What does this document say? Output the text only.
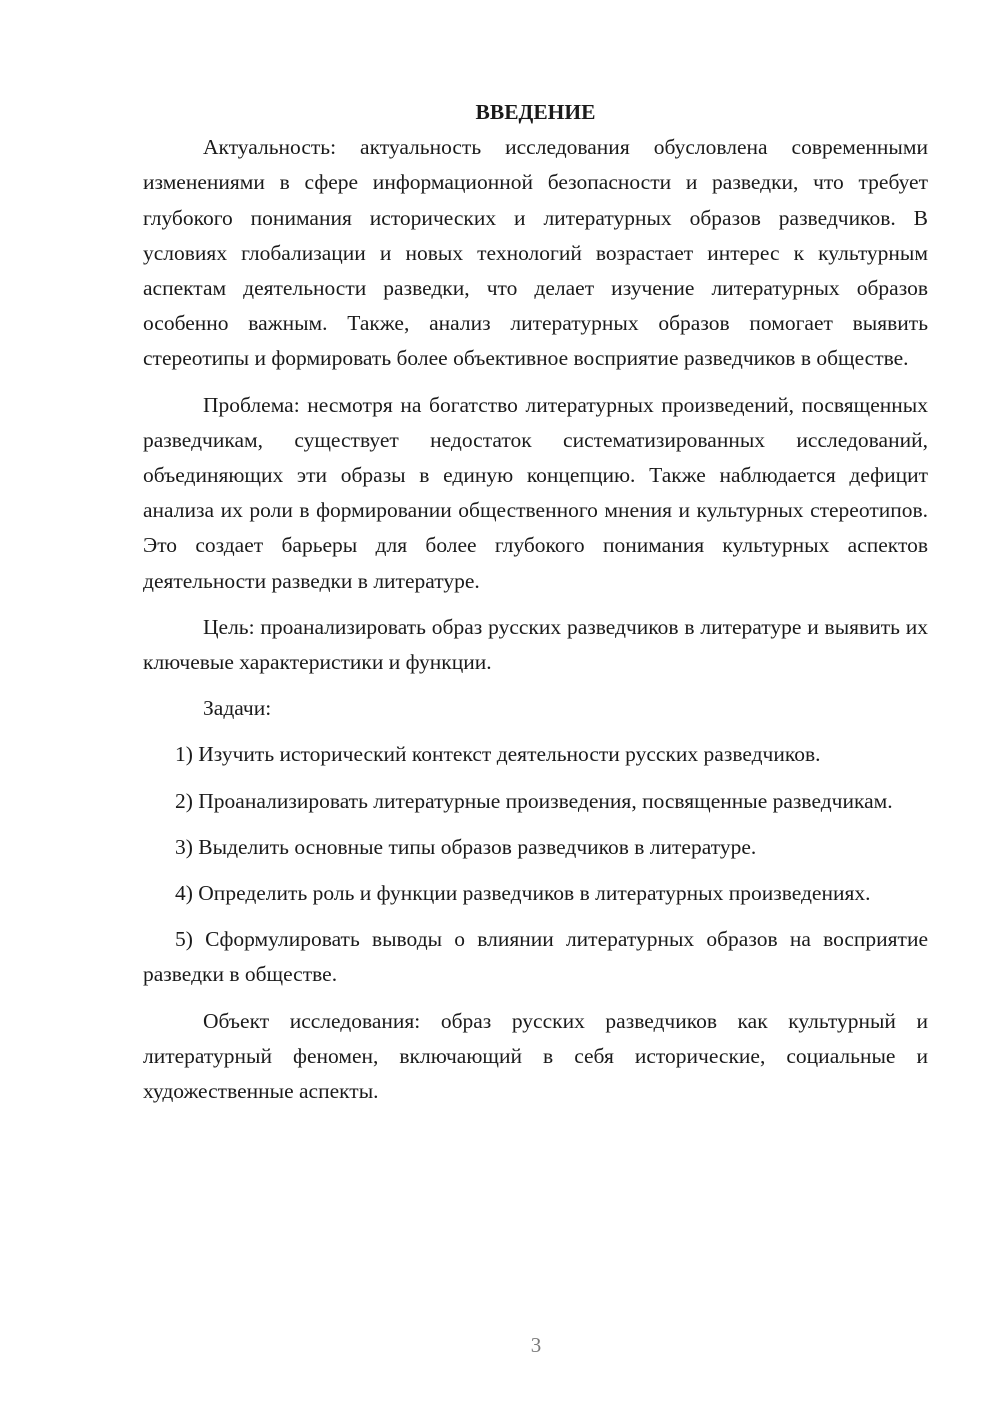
ВВЕДЕНИЕ

Актуальность: актуальность исследования обусловлена современными изменениями в сфере информационной безопасности и разведки, что требует глубокого понимания исторических и литературных образов разведчиков. В условиях глобализации и новых технологий возрастает интерес к культурным аспектам деятельности разведки, что делает изучение литературных образов особенно важным. Также, анализ литературных образов помогает выявить стереотипы и формировать более объективное восприятие разведчиков в обществе.

Проблема: несмотря на богатство литературных произведений, посвященных разведчикам, существует недостаток систематизированных исследований, объединяющих эти образы в единую концепцию. Также наблюдается дефицит анализа их роли в формировании общественного мнения и культурных стереотипов. Это создает барьеры для более глубокого понимания культурных аспектов деятельности разведки в литературе.

Цель: проанализировать образ русских разведчиков в литературе и выявить их ключевые характеристики и функции.

Задачи:

1) Изучить исторический контекст деятельности русских разведчиков.

2) Проанализировать литературные произведения, посвященные разведчикам.

3) Выделить основные типы образов разведчиков в литературе.

4) Определить роль и функции разведчиков в литературных произведениях.

5) Сформулировать выводы о влиянии литературных образов на восприятие разведки в обществе.

Объект исследования: образ русских разведчиков как культурный и литературный феномен, включающий в себя исторические, социальные и художественные аспекты.

3
